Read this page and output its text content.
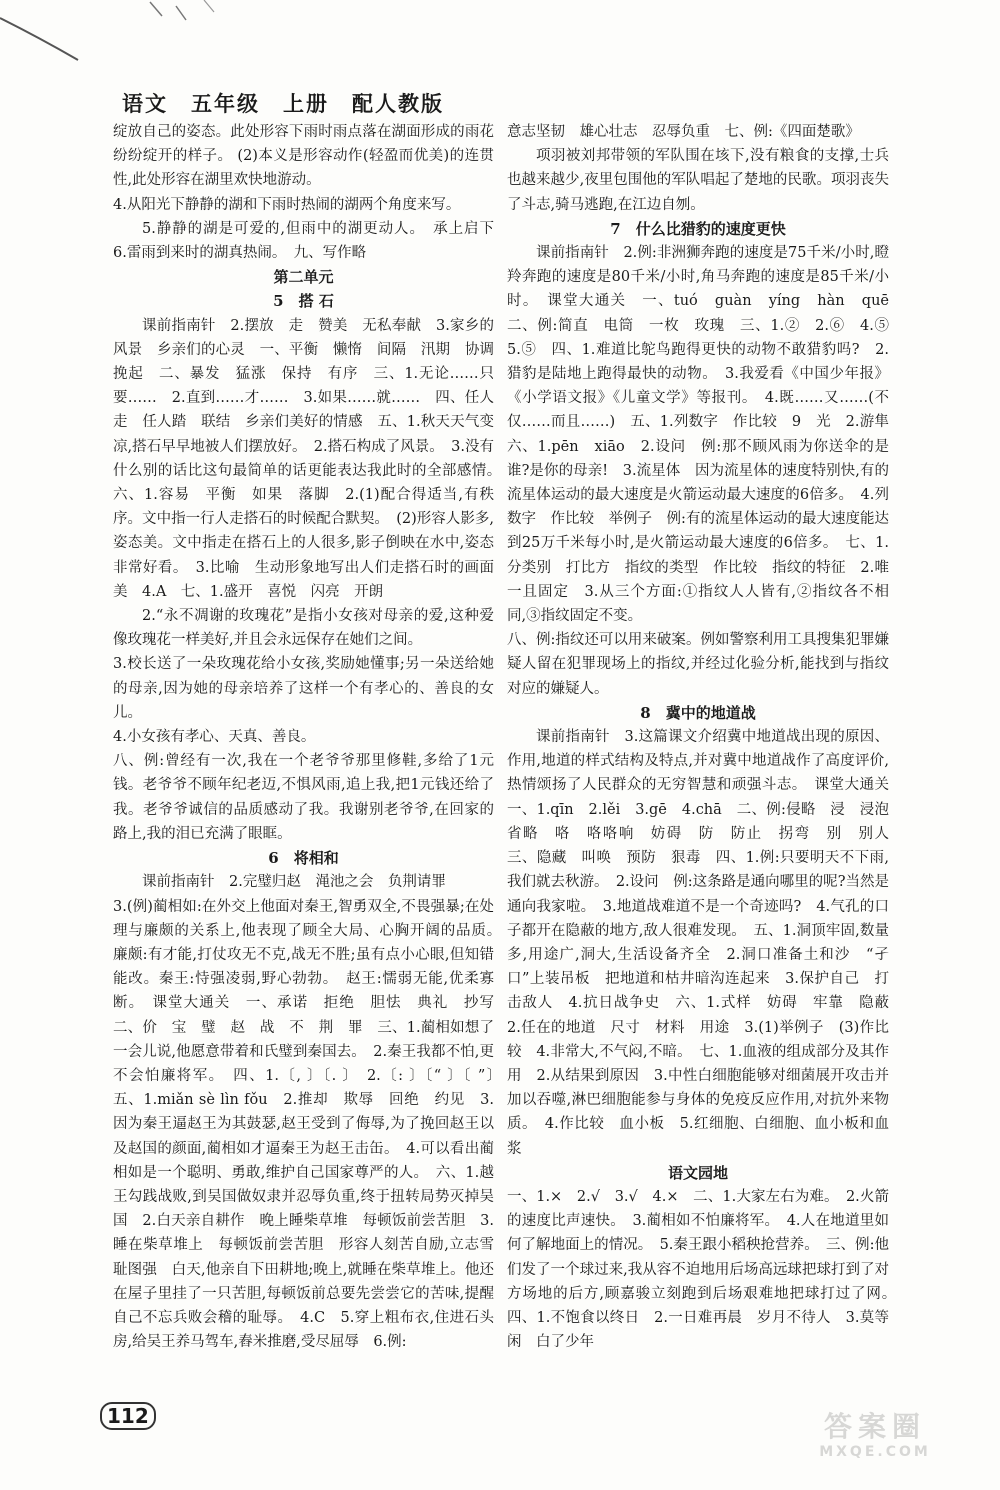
语文　五年级　上册　配人教版

绽放自己的姿态。此处形容下雨时雨点落在湖面形成的雨花纷纷绽开的样子。 (2)本义是形容动作(轻盈而优美)的连贯性,此处形容在湖里欢快地游动。

4.从阳光下静静的湖和下雨时热闹的湖两个角度来写。

5.静静的湖是可爱的,但雨中的湖更动人。　承上启下　6.雷雨到来时的湖真热闹。　九、写作略

第二单元

5　搭 石

课前指南针　2.摆放　走　赞美　无私奉献　3.家乡的风景　乡亲们的心灵　一、平衡　懒惰　间隔　汛期　协调　挽起　二、暴发　猛涨　保持　有序　三、1.无论……只要……　2.直到……才……　3.如果……就……　四、任人走　任人踏　联结　乡亲们美好的情感　五、1.秋天天气变凉,搭石早早地被人们摆放好。　2.搭石构成了风景。　3.没有什么别的话比这句最简单的话更能表达我此时的全部感情。　六、1.容易　平衡　如果　落脚　2.(1)配合得适当,有秩序。文中指一行人走搭石的时候配合默契。　(2)形容人影多,姿态美。文中指走在搭石上的人很多,影子倒映在水中,姿态非常好看。　3.比喻　生动形象地写出人们走搭石时的画面美　4.A　七、1.盛开　喜悦　闪亮　开朗

2.“永不凋谢的玫瑰花”是指小女孩对母亲的爱,这种爱像玫瑰花一样美好,并且会永远保存在她们之间。

3.校长送了一朵玫瑰花给小女孩,奖励她懂事;另一朵送给她的母亲,因为她的母亲培养了这样一个有孝心的、善良的女儿。

4.小女孩有孝心、天真、善良。

八、例:曾经有一次,我在一个老爷爷那里修鞋,多给了1元钱。老爷爷不顾年纪老迈,不惧风雨,追上我,把1元钱还给了我。老爷爷诚信的品质感动了我。我谢别老爷爷,在回家的路上,我的泪已充满了眼眶。

6　将相和

课前指南针　2.完璧归赵　渑池之会　负荆请罪

3.(例)蔺相如:在外交上他面对秦王,智勇双全,不畏强暴;在处理与廉颇的关系上,他表现了顾全大局、心胸开阔的品质。　廉颇:有才能,打仗攻无不克,战无不胜;虽有点小心眼,但知错能改。秦王:恃强凌弱,野心勃勃。　赵王:懦弱无能,优柔寡断。　课堂大通关　一、承诺　拒绝　胆怯　典礼　抄写　二、价　宝　璧　赵　战　不　荆　罪　三、1.蔺相如想了一会儿说,他愿意带着和氏璧到秦国去。　2.秦王我都不怕,更不会怕廉将军。　四、1.〔, 〕〔. 〕　2.〔: 〕〔“ 〕〔 ”〕　五、1.miǎn sè lìn fǒu　2.推却　欺辱　回绝　约见　3.因为秦王逼赵王为其鼓瑟,赵王受到了侮辱,为了挽回赵王以及赵国的颜面,蔺相如才逼秦王为赵王击缶。　4.可以看出蔺相如是一个聪明、勇敢,维护自己国家尊严的人。　六、1.越王勾践战败,到吴国做奴隶并忍辱负重,终于扭转局势灭掉吴国　2.白天亲自耕作　晚上睡柴草堆　每顿饭前尝苦胆　3.睡在柴草堆上　每顿饭前尝苦胆　形容人刻苦自励,立志雪耻图强　白天,他亲自下田耕地;晚上,就睡在柴草堆上。他还在屋子里挂了一只苦胆,每顿饭前总要先尝尝它的苦味,提醒自己不忘兵败会稽的耻辱。　4.C　5.穿上粗布衣,住进石头房,给吴王养马驾车,舂米推磨,受尽屈辱　6.例:

意志坚韧　雄心壮志　忍辱负重　七、例:《四面楚歌》

项羽被刘邦带领的军队围在垓下,没有粮食的支撑,士兵也越来越少,夜里包围他的军队唱起了楚地的民歌。项羽丧失了斗志,骑马逃跑,在江边自刎。

7　什么比猎豹的速度更快

课前指南针　2.例:非洲狮奔跑的速度是75千米/小时,瞪羚奔跑的速度是80千米/小时,角马奔跑的速度是85千米/小时。　课堂大通关　一、tuó　guàn　yíng　hàn　quē　二、例:简直　电筒　一枚　玫瑰　三、1.②　2.⑥　4.⑤　5.⑤　四、1.难道比鸵鸟跑得更快的动物不敢猎豹吗?　2.猎豹是陆地上跑得最快的动物。　3.我爱看《中国少年报》《小学语文报》《儿童文学》等报刊。　4.既……又……(不仅……而且……)　五、1.列数字　作比较　9　光　2.游隼　六、1.pēn　xiāo　2.设问　例:那不顾风雨为你送伞的是谁?是你的母亲!　3.流星体　因为流星体的速度特别快,有的流星体运动的最大速度是火箭运动最大速度的6倍多。　4.列数字　作比较　举例子　例:有的流星体运动的最大速度能达到25万千米每小时,是火箭运动最大速度的6倍多。　七、1.分类别　打比方　指纹的类型　作比较　指纹的特征　2.唯一且固定　3.从三个方面:①指纹人人皆有,②指纹各不相同,③指纹固定不变。

八、例:指纹还可以用来破案。例如警察利用工具搜集犯罪嫌疑人留在犯罪现场上的指纹,并经过化验分析,能找到与指纹对应的嫌疑人。

8　冀中的地道战

课前指南针　3.这篇课文介绍冀中地道战出现的原因、作用,地道的样式结构及特点,并对冀中地道战作了高度评价,热情颂扬了人民群众的无穷智慧和顽强斗志。　课堂大通关　一、1.qīn　2.lěi　3.gē　4.chā　二、例:侵略　浸　浸泡　省略　咯　咯咯响　妨碍　防　防止　拐弯　别　别人　三、隐藏　叫唤　预防　狠毒　四、1.例:只要明天不下雨,我们就去秋游。　2.设问　例:这条路是通向哪里的呢?当然是通向我家啦。　3.地道战难道不是一个奇迹吗?　4.气孔的口子都开在隐蔽的地方,敌人很难发现。　五、1.洞顶牢固,数量多,用途广,洞大,生活设备齐全　2.洞口准备土和沙　“孑口”上装吊板　把地道和枯井暗沟连起来　3.保护自己　打击敌人　4.抗日战争史　六、1.式样　妨碍　牢靠　隐蔽　2.任在的地道　尺寸　材料　用途　3.(1)举例子　(3)作比较　4.非常大,不气闷,不暗。　七、1.血液的组成部分及其作用　2.从结果到原因　3.中性白细胞能够对细菌展开攻击并加以吞噬,淋巴细胞能参与身体的免疫反应作用,对抗外来物质。　4.作比较　血小板　5.红细胞、白细胞、血小板和血浆

语文园地

一、1.×　2.√　3.√　4.×　二、1.大家左右为难。　2.火箭的速度比声速快。　3.蔺相如不怕廉将军。　4.人在地道里如何了解地面上的情况。　5.秦王跟小稻秧抢营养。　三、例:他们发了一个球过来,我从容不迫地用后场高远球把球打到了对方场地的后方,顾嘉骏立刻跑到后场艰难地把球打过了网。　四、1.不饱食以终日　2.一日难再晨　岁月不待人　3.莫等闲　白了少年

112	答案圈
MXQE.COM
